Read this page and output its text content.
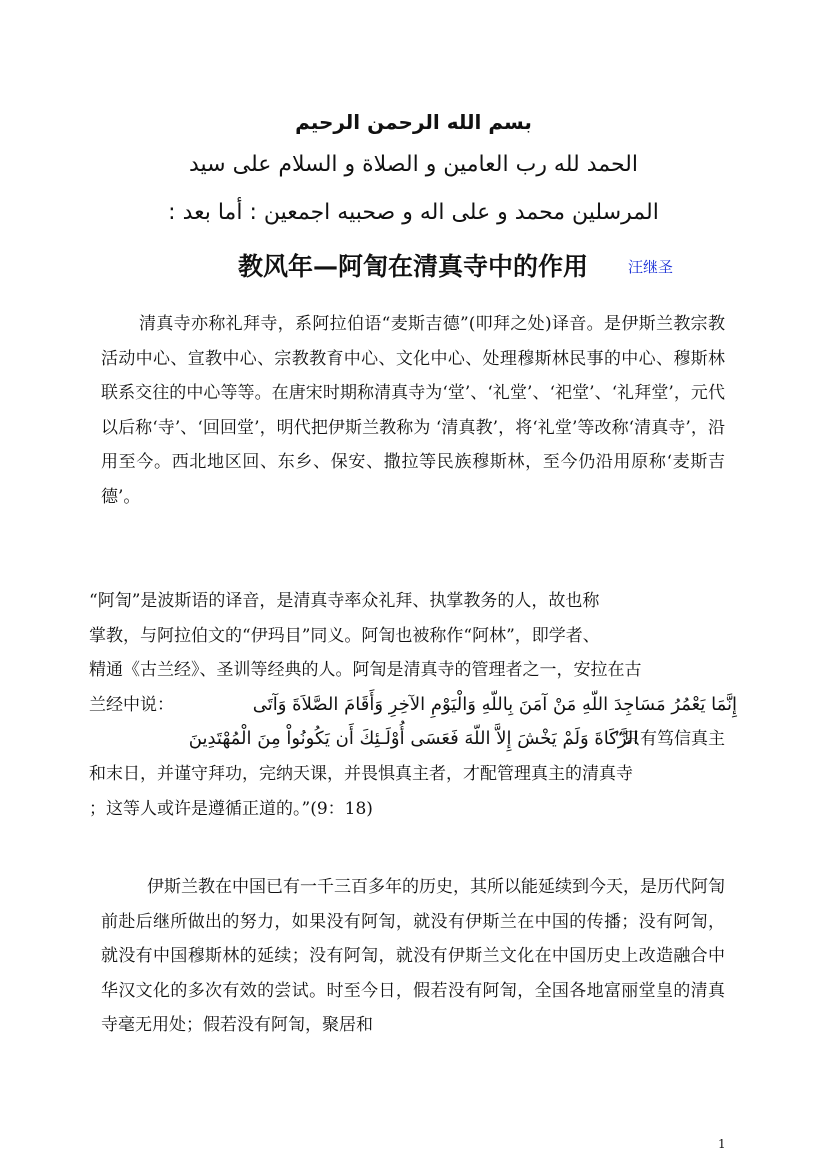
بسم الله الرحمن الرحيم
الحمد لله رب العامين و الصلاة و السلام على سيد
المرسلين محمد و على اله و صحبيه اجمعين : أما بعد :
教风年—阿訇在清真寺中的作用	汪继圣
清真寺亦称礼拜寺，系阿拉伯语“麦斯吉德”(叩拜之处)译音。是伊斯兰教宗教活动中心、宣教中心、宗教教育中心、文化中心、处理穆斯林民事的中心、穆斯林联系交往的中心等等。在唐宋时期称清真寺为‘堂’、‘礼堂’、‘祀堂’、‘礼拜堂’，元代以后称‘寺’、‘回回堂’，明代把伊斯兰教称为 ‘清真教’，将‘礼堂’等改称‘清真寺’，沿用至今。西北地区回、东乡、保安、撒拉等民族穆斯林，至今仍沿用原称‘麦斯吉德’。
“阿訇”是波斯语的译音，是清真寺率众礼拜、执掌教务的人，故也称
掌教，与阿拉伯文的“伊玛目”同义。阿訇也被称作“阿林”，即学者、
精通《古兰经》、圣训等经典的人。阿訇是清真寺的管理者之一，安拉在古
兰经中说：	إِنَّمَا يَعْمُرُ مَسَاجِدَ اللّهِ مَنْ آمَنَ بِاللّهِ وَالْيَوْمِ الآخِرِ وَأَقَامَ الصَّلاَةَ وَآتَى
الزَّكَاةَ وَلَمْ يَخْشَ إِلاَّ اللّهَ فَعَسَى أُوْلَـئِكَ أَن يَكُونُواْ مِنَ الْمُهْتَدِينَ
“只有笃信真主
和末日，并谨守拜功，完纳天课，并畏惧真主者，才配管理真主的清真寺
；这等人或许是遵循正道的。”(9：18)
伊斯兰教在中国已有一千三百多年的历史，其所以能延续到今天，是历代阿訇前赴后继所做出的努力，如果没有阿訇，就没有伊斯兰在中国的传播；没有阿訇，就没有中国穆斯林的延续；没有阿訇，就没有伊斯兰文化在中国历史上改造融合中华汉文化的多次有效的尝试。时至今日，假若没有阿訇，全国各地富丽堂皇的清真寺毫无用处；假若没有阿訇，聚居和
1
